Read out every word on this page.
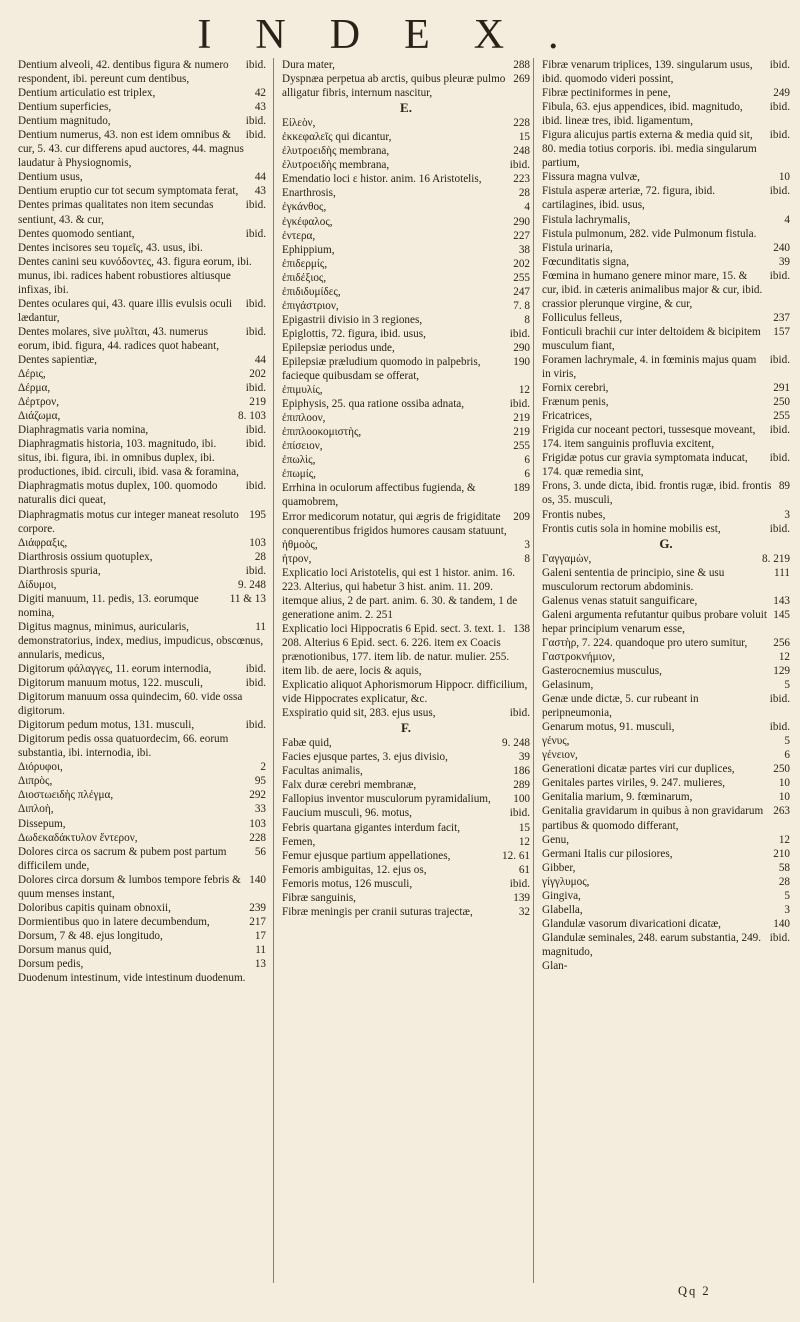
INDEX.
ibid.
Dentium alveoli, 42. dentibus figura & numero respondent, ibi. pereunt cum dentibus,
42
Dentium articulatio est triplex,
43
Dentium superficies,
ibid.
Dentium magnitudo,
ibid.
Dentium numerus, 43. non est idem omnibus & cur, 5. 43. cur differens apud auctores, 44. magnus laudatur à Physiognomis,
44
Dentium usus,
43
Dentium eruptio cur tot secum symptomata ferat,
ibid.
Dentes primas qualitates non item secundas sentiunt, 43. & cur,
ibid.
Dentes quomodo sentiant,
Dentes incisores seu τομεῖς, 43. usus, ibi.
Dentes canini seu κυνόδοντες, 43. figura eorum, ibi. munus, ibi. radices habent robustiores altiusque infixas, ibi.
ibid.
Dentes oculares qui, 43. quare illis evulsis oculi lædantur,
ibid.
Dentes molares, sive μυλῖται, 43. numerus eorum, ibid. figura, 44. radices quot habeant,
44
Dentes sapientiæ,
202
Δέρις,
ibid.
Δέρμα,
219
Δέρτρον,
8. 103
Διάζωμα,
ibid.
Diaphragmatis varia nomina,
ibid.
Diaphragmatis historia, 103. magnitudo, ibi. situs, ibi. figura, ibi. in omnibus duplex, ibi. productiones, ibid. circuli, ibid. vasa & foramina,
ibid.
Diaphragmatis motus duplex, 100. quomodo naturalis dici queat,
195
Diaphragmatis motus cur integer maneat resoluto corpore.
103
Διάφραξις,
28
Diarthrosis ossium quotuplex,
ibid.
Diarthrosis spuria,
9. 248
Δίδυμοι,
11 & 13
Digiti manuum, 11. pedis, 13. eorumque nomina,
11
Digitus magnus, minimus, auricularis, demonstratorius, index, medius, impudicus, obscœnus, annularis, medicus,
ibid.
Digitorum φάλαγγες, 11. eorum internodia,
ibid.
Digitorum manuum motus, 122. musculi,
Digitorum manuum ossa quindecim, 60. vide ossa digitorum.
ibid.
Digitorum pedum motus, 131. musculi,
Digitorum pedis ossa quatuordecim, 66. eorum substantia, ibi. internodia, ibi.
2
Διόρυφοι,
95
Διπρὸς,
292
Διοστωειδὴς πλέγμα,
33
Διπλοὴ,
103
Dissepum,
228
Δωδεκαδάκτυλον ἔντερον,
56
Dolores circa os sacrum & pubem post partum difficilem unde,
140
Dolores circa dorsum & lumbos tempore febris & quum menses instant,
239
Doloribus capitis quinam obnoxii,
217
Dormientibus quo in latere decumbendum,
17
Dorsum, 7 & 48. ejus longitudo,
11
Dorsum manus quid,
13
Dorsum pedis,
Duodenum intestinum, vide intestinum duodenum.
288
Dura mater,
269
Dyspnæa perpetua ab arctis, quibus pleuræ pulmo alligatur fibris, internum nascitur,
E.
228
Εἰλεὸν,
15
ἐκκεφαλεῖς qui dicantur,
248
ἐλυτροειδὴς membrana,
ibid.
ἐλυτροειδὴς membrana,
223
Emendatio loci ε histor. anim. 16 Aristotelis,
28
Enarthrosis,
4
ἐγκάνθος,
290
ἐγκέφαλος,
227
ἐντερα,
38
Ephippium,
202
ἐπιδερμίς,
255
ἐπιδέξιος,
247
ἐπιδιδυμίδες,
7. 8
ἐπιγάστριον,
8
Epigastrii divisio in 3 regiones,
ibid.
Epiglottis, 72. figura, ibid. usus,
290
Epilepsiæ periodus unde,
190
Epilepsiæ præludium quomodo in palpebris, facieque quibusdam se offerat,
12
ἐπιμυλίς,
ibid.
Epiphysis, 25. qua ratione ossiba adnata,
219
ἐπιπλοον,
219
ἐπιπλοοκομιστὴς,
255
ἐπίσειον,
6
ἐπωλὶς,
6
ἐπωμίς,
189
Errhina in oculorum affectibus fugienda, & quamobrem,
209
Error medicorum notatur, qui ægris de frigiditate conquerentibus frigidos humores causam statuunt,
3
ἠθμοὸς,
8
ἠτρον,
Explicatio loci Aristotelis, qui est 1 histor. anim. 16. 223. Alterius, qui habetur 3 hist. anim. 11. 209. itemque alius, 2 de part. anim. 6. 30. & tandem, 1 de generatione anim. 2. 251
138
Explicatio loci Hippocratis 6 Epid. sect. 3. text. 1. 208. Alterius 6 Epid. sect. 6. 226. item ex Coacis prænotionibus, 177. item lib. de natur. mulier. 255. item lib. de aere, locis & aquis,
Explicatio aliquot Aphorismorum Hippocr. difficilium, vide Hippocrates explicatur, &c.
ibid.
Exspiratio quid sit, 283. ejus usus,
F.
9. 248
Fabæ quid,
39
Facies ejusque partes, 3. ejus divisio,
186
Facultas animalis,
289
Falx duræ cerebri membranæ,
100
Fallopius inventor musculorum pyramidalium,
ibid.
Faucium musculi, 96. motus,
15
Febris quartana gigantes interdum facit,
12
Femen,
12. 61
Femur ejusque partium appellationes,
61
Femoris ambiguitas, 12. ejus os,
ibid.
Femoris motus, 126 musculi,
139
Fibræ sanguinis,
32
Fibræ meningis per cranii suturas trajectæ,
ibid.
Fibræ venarum triplices, 139. singularum usus, ibid. quomodo videri possint,
249
Fibræ pectiniformes in pene,
ibid.
Fibula, 63. ejus appendices, ibid. magnitudo, ibid. lineæ tres, ibid. ligamentum,
ibid.
Figura alicujus partis externa & media quid sit, 80. media totius corporis. ibi. media singularum partium,
10
Fissura magna vulvæ,
ibid.
Fistula asperæ arteriæ, 72. figura, ibid. cartilagines, ibid. usus,
4
Fistula lachrymalis,
Fistula pulmonum, 282. vide Pulmonum fistula.
240
Fistula urinaria,
39
Fœcunditatis signa,
ibid.
Fœmina in humano genere minor mare, 15. & cur, ibid. in cæteris animalibus major & cur, ibid. crassior plerunque virgine, & cur,
237
Folliculus felleus,
157
Fonticuli brachii cur inter deltoidem & bicipitem musculum fiant,
ibid.
Foramen lachrymale, 4. in fœminis majus quam in viris,
291
Fornix cerebri,
250
Frænum penis,
255
Fricatrices,
ibid.
Frigida cur noceant pectori, tussesque moveant, 174. item sanguinis profluvia excitent,
ibid.
Frigidæ potus cur gravia symptomata inducat, 174. quæ remedia sint,
89
Frons, 3. unde dicta, ibid. frontis rugæ, ibid. frontis os, 35. musculi,
3
Frontis nubes,
ibid.
Frontis cutis sola in homine mobilis est,
G.
8. 219
Γαγγαμὼν,
111
Galeni sententia de principio, sine & usu musculorum rectorum abdominis.
143
Galenus venas statuit sanguificare,
145
Galeni argumenta refutantur quibus probare voluit hepar principium venarum esse,
256
Γαστὴρ, 7. 224. quandoque pro utero sumitur,
12
Γαστροκνήμιον,
129
Gasterocnemius musculus,
5
Gelasinum,
ibid.
Genæ unde dictæ, 5. cur rubeant in peripneumonia,
ibid.
Genarum motus, 91. musculi,
5
γένυς,
6
γένειον,
250
Generationi dicatæ partes viri cur duplices,
10
Genitales partes viriles, 9. 247. mulieres,
10
Genitalia marium, 9. fœminarum,
263
Genitalia gravidarum in quibus à non gravidarum partibus & quomodo differant,
12
Genu,
210
Germani Italis cur pilosiores,
58
Gibber,
28
γίγγλυμος,
5
Gingiva,
3
Glabella,
140
Glandulæ vasorum divaricationi dicatæ,
ibid.
Glandulæ seminales, 248. earum substantia, 249. magnitudo,
Glan-
Qq 2
